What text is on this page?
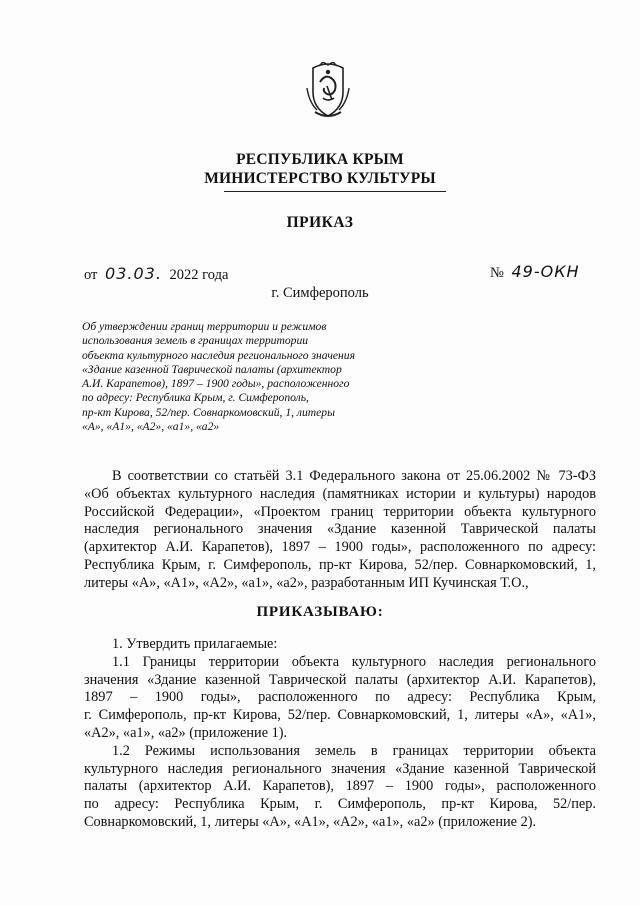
РЕСПУБЛИКА КРЫМ
МИНИСТЕРСТВО КУЛЬТУРЫ
ПРИКАЗ
от 03.03. 2022 года	№ 49-ОКН
г. Симферополь
Об утверждении границ территории и режимов
использования земель в границах территории
объекта культурного наследия регионального значения
«Здание казенной Таврической палаты (архитектор
А.И. Карапетов), 1897 – 1900 годы», расположенного
по адресу: Республика Крым, г. Симферополь,
пр-кт Кирова, 52/пер. Совнаркомовский, 1, литеры
«А», «А1», «А2», «а1», «а2»
В соответствии со статьёй 3.1 Федерального закона от 25.06.2002 № 73-ФЗ
«Об объектах культурного наследия (памятниках истории и культуры) народов
Российской Федерации», «Проектом границ территории объекта культурного
наследия регионального значения «Здание казенной Таврической палаты
(архитектор А.И. Карапетов), 1897 – 1900 годы», расположенного по адресу:
Республика Крым, г. Симферополь, пр-кт Кирова, 52/пер. Совнаркомовский, 1,
литеры «А», «А1», «А2», «а1», «а2», разработанным ИП Кучинская Т.О.,
ПРИКАЗЫВАЮ:
1. Утвердить прилагаемые:
1.1 Границы территории объекта культурного наследия регионального
значения «Здание казенной Таврической палаты (архитектор А.И. Карапетов),
1897 – 1900 годы», расположенного по адресу: Республика Крым,
г. Симферополь, пр-кт Кирова, 52/пер. Совнаркомовский, 1, литеры «А», «А1»,
«А2», «а1», «а2» (приложение 1).
1.2 Режимы использования земель в границах территории объекта
культурного наследия регионального значения «Здание казенной Таврической
палаты (архитектор А.И. Карапетов), 1897 – 1900 годы», расположенного
по адресу: Республика Крым, г. Симферополь, пр-кт Кирова, 52/пер.
Совнаркомовский, 1, литеры «А», «А1», «А2», «а1», «а2» (приложение 2).
